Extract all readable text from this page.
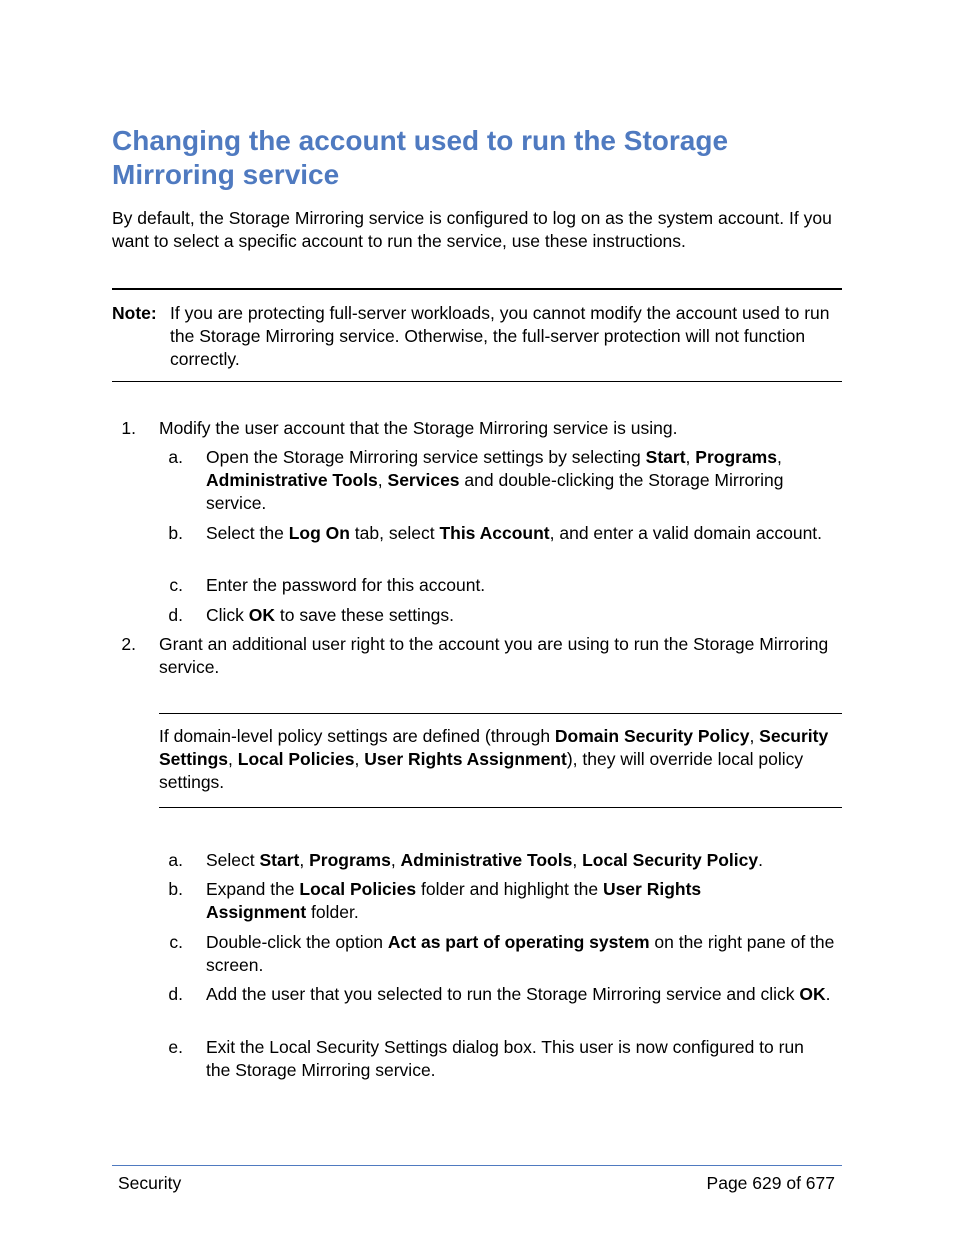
Changing the account used to run the Storage Mirroring service

By default, the Storage Mirroring service is configured to log on as the system account. If you want to select a specific account to run the service, use these instructions.

Note: If you are protecting full-server workloads, you cannot modify the account used to run the Storage Mirroring service. Otherwise, the full-server protection will not function correctly.
1. Modify the user account that the Storage Mirroring service is using.
a. Open the Storage Mirroring service settings by selecting Start, Programs, Administrative Tools, Services and double-clicking the Storage Mirroring service.
b. Select the Log On tab, select This Account, and enter a valid domain account.
c. Enter the password for this account.
d. Click OK to save these settings.
2. Grant an additional user right to the account you are using to run the Storage Mirroring service.
If domain-level policy settings are defined (through Domain Security Policy, Security Settings, Local Policies, User Rights Assignment), they will override local policy settings.
a. Select Start, Programs, Administrative Tools, Local Security Policy.
b. Expand the Local Policies folder and highlight the User Rights Assignment folder.
c. Double-click the option Act as part of operating system on the right pane of the screen.
d. Add the user that you selected to run the Storage Mirroring service and click OK.
e. Exit the Local Security Settings dialog box. This user is now configured to run the Storage Mirroring service.
Security	Page 629 of 677
